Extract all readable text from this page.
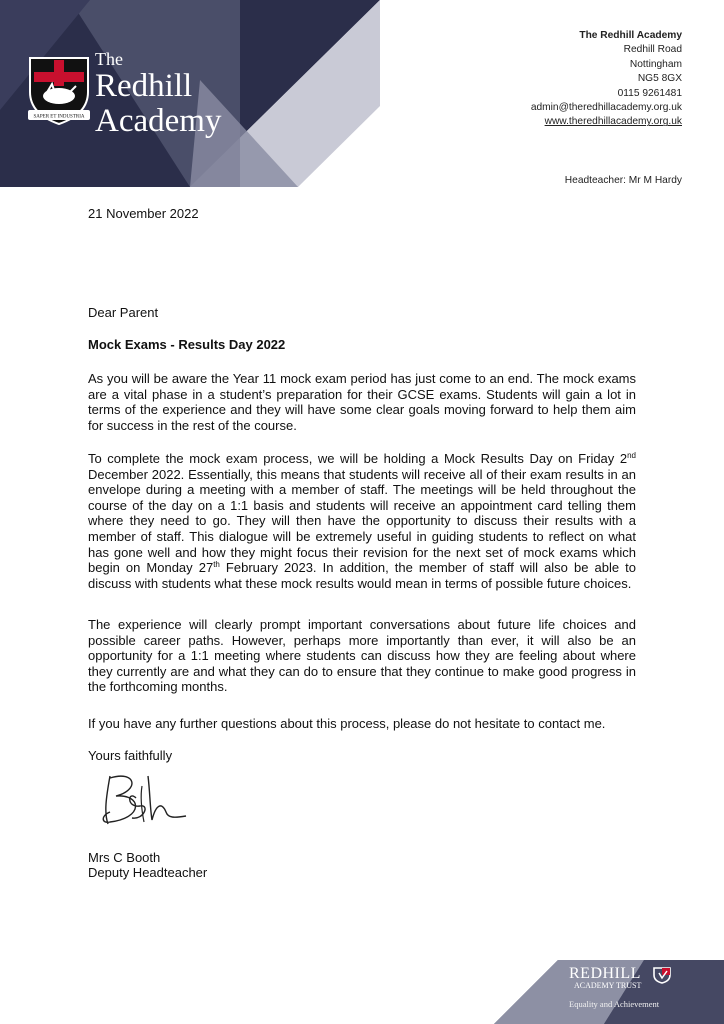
SAPER ET INDUSTRIA
The
Redhill
Academy
The Redhill Academy
Redhill Road
Nottingham
NG5 8GX
0115 9261481
admin@theredhillacademy.org.uk
www.theredhillacademy.org.uk
Headteacher: Mr M Hardy
21 November 2022
Dear Parent
Mock Exams - Results Day 2022
As you will be aware the Year 11 mock exam period has just come to an end. The mock exams are a vital phase in a student’s preparation for their GCSE exams. Students will gain a lot in terms of the experience and they will have some clear goals moving forward to help them aim for success in the rest of the course.
To complete the mock exam process, we will be holding a Mock Results Day on Friday 2nd December 2022. Essentially, this means that students will receive all of their exam results in an envelope during a meeting with a member of staff. The meetings will be held throughout the course of the day on a 1:1 basis and students will receive an appointment card telling them where they need to go. They will then have the opportunity to discuss their results with a member of staff. This dialogue will be extremely useful in guiding students to reflect on what has gone well and how they might focus their revision for the next set of mock exams which begin on Monday 27th February 2023. In addition, the member of staff will also be able to discuss with students what these mock results would mean in terms of possible future choices.
The experience will clearly prompt important conversations about future life choices and possible career paths. However, perhaps more importantly than ever, it will also be an opportunity for a 1:1 meeting where students can discuss how they are feeling about where they currently are and what they can do to ensure that they continue to make good progress in the forthcoming months.
If you have any further questions about this process, please do not hesitate to contact me.
Yours faithfully
Mrs C Booth
Deputy Headteacher
REDHILL
ACADEMY TRUST
Equality and Achievement
